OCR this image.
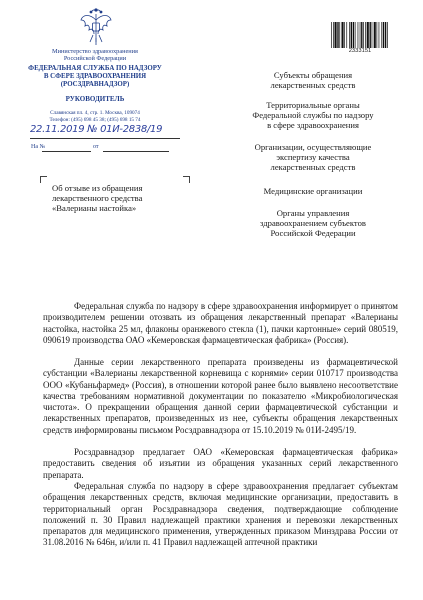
Министерство здравоохранения
Российской Федерации
ФЕДЕРАЛЬНАЯ СЛУЖБА ПО НАДЗОРУ
В СФЕРЕ ЗДРАВООХРАНЕНИЯ
(РОСЗДРАВНАДЗОР)
РУКОВОДИТЕЛЬ
Славянская пл. 4, стр. 1. Москва, 109074
Телефон: (495) 698 45 38; (495) 698 15 74
22.11.2019 № 01И-2838/19
На №	от
2333151
Субъекты обращения
лекарственных средств
Территориальные органы
Федеральной службы по надзору
в сфере здравоохранения
Организации, осуществляющие
экспертизу качества
лекарственных средств
Медицинские организации
Органы управления
здравоохранением субъектов
Российской Федерации
Об отзыве из обращения
лекарственного средства
«Валерианы настойка»

Федеральная служба по надзору в сфере здравоохранения информирует о принятом производителем решении отозвать из обращения лекарственный препарат «Валерианы настойка, настойка 25 мл, флаконы оранжевого стекла (1), пачки картонные» серий 080519, 090619 производства ОАО «Кемеровская фармацевтическая фабрика» (Россия).

Данные серии лекарственного препарата произведены из фармацевтической субстанции «Валерианы лекарственной корневища с корнями» серии 010717 производства ООО «Кубаньфармед» (Россия), в отношении которой ранее было выявлено несоответствие качества требованиям нормативной документации по показателю «Микробиологическая чистота». О прекращении обращения данной серии фармацевтической субстанции и лекарственных препаратов, произведенных из нее, субъекты обращения лекарственных средств информированы письмом Росздравнадзора от 15.10.2019 № 01И-2495/19.

Росздравнадзор предлагает ОАО «Кемеровская фармацевтическая фабрика» предоставить сведения об изъятии из обращения указанных серий лекарственного препарата.

Федеральная служба по надзору в сфере здравоохранения предлагает субъектам обращения лекарственных средств, включая медицинские организации, предоставить в территориальный орган Росздравнадзора сведения, подтверждающие соблюдение положений п. 30 Правил надлежащей практики хранения и перевозки лекарственных препаратов для медицинского применения, утвержденных приказом Минздрава России от 31.08.2016 № 646н, и/или п. 41 Правил надлежащей аптечной практики
